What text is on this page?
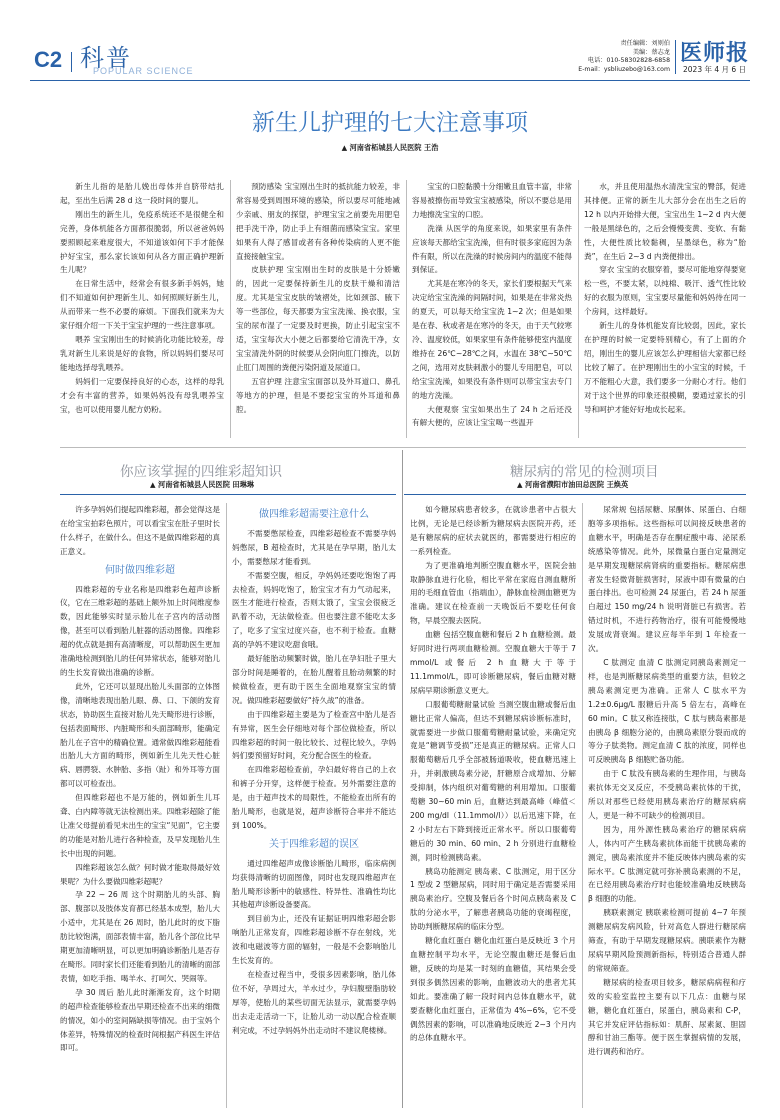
C2 科普
POPULAR SCIENCE
责任编辑：刘则伯
美编：蔡志龙
电话：010-58302828-6858
E-mail：ysbliuzebo@163.com
医师报
2023 年 4 月 6 日
新生儿护理的七大注意事项
▲ 河南省柘城县人民医院 王浩

新生儿指的是胎儿娩出母体并自脐带结扎起，至出生后满 28 d 这一段时间的婴儿。

刚出生的新生儿，免疫系统还不是很健全和完善，身体机能各方面都很脆弱，所以爸爸妈妈要照顾起来难度很大，不知道该如何下手才能保护好宝宝，那么家长该如何从各方面正确护理新生儿呢？

在日常生活中，经常会有很多新手妈妈，她们不知道如何护理新生儿、如何照顾好新生儿，从而带来一些不必要的麻烦。下面我们就来为大家仔细介绍一下关于宝宝护理的一些注意事项。

喂养 宝宝刚出生的时候消化功能比较差，母乳对新生儿来说是好的食物，所以妈妈们要尽可能地选择母乳喂养。

妈妈们一定要保持良好的心态，这样的母乳才会有丰富的营养，如果妈妈没有母乳喂养宝宝，也可以使用婴儿配方奶粉。

预防感染 宝宝刚出生时的抵抗能力较差，非常容易受到周围环境的感染，所以要尽可能地减少亲戚、朋友的探望，护理宝宝之前要先用肥皂把手洗干净，防止手上有细菌而感染宝宝。家里如果有人得了感冒或者有各种传染病的人更不能直接接触宝宝。

皮肤护理 宝宝刚出生时的皮肤是十分娇嫩的，因此一定要保持新生儿的皮肤干燥和清洁度。尤其是宝宝皮肤的皱褶处，比如颈部、腋下等一些部位，每天都要为宝宝洗澡、换衣服，宝宝的尿布湿了一定要及时更换，防止引起宝宝不适，宝宝每次大小便之后都要给它清洗干净，女宝宝清洗外阴的时候要从会阴向肛门擦洗，以防止肛门周围的粪便污染阴道及尿道口。

五官护理 注意宝宝面部以及外耳道口、鼻孔等地方的护理，但是不要挖宝宝的外耳道和鼻腔。

宝宝的口腔黏膜十分细嫩且血管丰富，非常容易被擦伤而导致宝宝被感染，所以不要总是用力地擦洗宝宝的口腔。

洗澡 从医学的角度来说，如果家里有条件应该每天都给宝宝洗澡，但有时很多家庭因为条件有限，所以在洗澡的时候房间内的温度不能得到保证。

尤其是在寒冷的冬天，家长们要根据天气来决定给宝宝洗澡的间隔时间，如果是在非常炎热的夏天，可以每天给宝宝洗 1~2 次；但是如果是在春、秋或者是在寒冷的冬天，由于天气较寒冷、温度较低，如果家里有条件能够使室内温度维持在 26℃~28℃之间，水温在 38℃~50℃之间，选用对皮肤刺激小的婴儿专用肥皂，可以给宝宝洗澡，如果没有条件则可以带宝宝去专门的地方洗澡。

大便观察 宝宝如果出生了 24 h 之后还没有解大便的，应该让宝宝喝一些温开

水，并且使用温热水清洗宝宝的臀部，促进其排便。正常的新生儿大部分会在出生之后的 12 h 以内开始排大便，宝宝出生 1~2 d 内大便一般是黑绿色的，之后会慢慢变黄、变软、有黏性，大便性质比较黏稠，呈墨绿色，称为“胎粪”，在生后 2~3 d 内粪便排出。

穿衣 宝宝的衣服穿着，要尽可能地穿得要宽松一些，不要太紧，以纯棉、吸汗、透气性比较好的衣服为原则，宝宝要尽量能和妈妈待在同一个房间，这样最好。

新生儿的身体机能发育比较弱，因此，家长在护理的时候一定要特别精心，有了上面的介绍，刚出生的婴儿应该怎么护理相信大家都已经比较了解了。在护理刚出生的小宝宝的时候，千万不能粗心大意，我们要多一分耐心才行。他们对于这个世界的印象还很模糊，要通过家长的引导和呵护才能好好地成长起来。

你应该掌握的四维彩超知识
▲ 河南省柘城县人民医院 田琳琳
糖尿病的常见的检测项目
▲ 河南省濮阳市油田总医院 王焕英

许多孕妈妈们提起四维彩超，都会觉得这是在给宝宝拍彩色照片，可以看宝宝在肚子里时长什么样子，在做什么。但这不是做四维彩超的真正意义。

何时做四维彩超

四维彩超的专业名称是四维彩色超声诊断仪，它在三维彩超的基础上额外加上时间维度参数，因此能够实时显示胎儿在子宫内的活动图像，甚至可以看到胎儿脏器的活动图像。四维彩超的优点就是拥有高清晰度，可以帮助医生更加准确地检测到胎儿的任何异常状态，能够对胎儿的生长发育做出准确的诊断。

此外，它还可以显现出胎儿头面部的立体图像，清晰地表现出胎儿眼、鼻、口、下颌的发育状态，协助医生直接对胎儿先天畸形进行诊断，包括表面畸形、内脏畸形和头面部畸形，能确定胎儿在子宫中的精确位置。通常做四维彩超能看出胎儿大方面的畸形，例如新生儿先天性心脏病、唇腭裂、水肿胎、多指（趾）和外耳等方面都可以可检查出。

但四维彩超也不是万能的，例如新生儿耳聋、白内障等就无法检测出来。四维彩超除了能让准父母提前看见未出生的宝宝“见面”，它主要的功能是对胎儿进行各种检查，及早发现胎儿生长中出现的问题。

四维彩超该怎么做？何时做才能取得最好效果呢？为什么要做四维彩超呢？

孕 22 ~ 26 周 这个时期胎儿的头部、胸部、腹部以及肢体发育都已经基本成型，胎儿大小适中，尤其是在 26 周时，胎儿此时的皮下脂肪比较饱满，面部表情丰富，胎儿各个部位比早期更加清晰明显，可以更加明确诊断胎儿是否存在畸形。同时家长们还能看到胎儿的清晰的面部表情，如吃手指、喝羊水、打呵欠、哭闹等。

孕 30 周后 胎儿此时渐渐发育，这个时期的超声检查能够检查出早期还检查不出来的细微的情况，如小的室间隔缺损等情况。由于宝妈个体差异，特殊情况的检查时间根据产科医生评估即可。

做四维彩超需要注意什么

不需要憋尿检查，四维彩超检查不需要孕妈妈憋尿，B 超检查时，尤其是在孕早期，胎儿太小，需要憋尿才能看到。

不需要空腹，相反，孕妈妈还要吃饱饱了再去检查，妈妈吃饱了，胎宝宝才有力气动起来，医生才能进行检查，否则太饿了，宝宝会很疲乏趴着不动，无法做检查。但也要注意不能吃太多了，吃多了宝宝过度兴奋，也不利于检查。血糖高的孕妈不建议吃甜食哦。

最好能胎动频繁时做，胎儿在孕妇肚子里大部分时间是睡着的，在胎儿醒着且胎动频繁的时候做检查，更有助于医生全面地观察宝宝的情况。做四维彩超要做好“持久战”的准备。

由于四维彩超主要是为了检查宫中胎儿是否有异常，医生会仔细地对每个部位做检查，所以四维彩超的时间一般比较长、过程比较久，孕妈妈们要预留好时间，充分配合医生的检查。

在四维彩超检查前，孕妇最好将自己的上衣和裤子分开穿，这样便于检查。另外需要注意的是，由于超声技术的局限性，不能检查出所有的胎儿畸形，也就是说，超声诊断符合率并不能达到 100%。

关于四维彩超的误区

通过四维超声成像诊断胎儿畸形，临床病例均获得清晰的切面图像，同时也发现四维超声在胎儿畸形诊断中的敏感性、特异性、准确性均比其他超声诊断设备要高。

到目前为止，还没有证据证明四维彩超会影响胎儿正常发育，四维彩超诊断不存在射线，光波和电磁波等方面的辐射，一般是不会影响胎儿生长发育的。

在检查过程当中，受很多因素影响，胎儿体位不好，孕周过大，羊水过少，孕妇腹壁脂肪较厚等，使胎儿的某些切面无法显示，就需要孕妈出去走走活动一下，让胎儿动一动以配合检查顺利完成，不过孕妈妈外出走动时不建议爬楼梯。

如今糖尿病患者较多，在就诊患者中占很大比例，无论是已经诊断为糖尿病去医院开药，还是有糖尿病的症状去就医的，都需要进行相应的一系列检查。

为了更准确地判断空腹血糖水平，医院会抽取静脉血进行化验，相比平常在家庭自测血糖所用的毛细血管血（指端血），静脉血检测血糖更为准确。建议在检查前一天晚饭后不要吃任何食物，早晨空腹去医院。

血糖 包括空腹血糖和餐后 2 h 血糖检测。最好同时进行两项血糖检测。空腹血糖大于等于 7 mmol/L 或餐后 2 h 血糖大于等于 11.1mmol/L，即可诊断糖尿病，餐后血糖对糖尿病早期诊断意义更大。

口服葡萄糖耐量试验 当测空腹血糖或餐后血糖比正常人偏高，但达不到糖尿病诊断标准时，就需要进一步做口服葡萄糖耐量试验，来确定究竟是“糖调节受损”还是真正的糖尿病。正常人口服葡萄糖后几乎全部被肠道吸收，使血糖迅速上升，并刺激胰岛素分泌，肝糖原合成增加、分解受抑制，体内组织对葡萄糖的利用增加。口服葡萄糖 30~60 min 后，血糖达到最高峰（峰值＜200 mg/dl（11.1mmol/l））以后迅速下降，在 2 小时左右下降到接近正常水平。所以口服葡萄糖后的 30 min、60 min、2 h 分别进行血糖检测，同时检测胰岛素。

胰岛功能测定 胰岛素、C 肽测定，用于区分 1 型或 2 型糖尿病，同时用于确定是否需要采用胰岛素治疗。空腹及餐后各个时间点胰岛素及 C 肽的分泌水平，了解患者胰岛功能的衰竭程度，协助判断糖尿病的临床分型。

糖化血红蛋白 糖化血红蛋白是反映近 3 个月血糖控制平均水平，无论空腹血糖还是餐后血糖，反映的均是某一时刻的血糖值，其结果会受到很多偶然因素的影响，血糖波动大的患者尤其如此。要准确了解一段时间内总体血糖水平，就要查糖化血红蛋白，正常值为 4%~6%，它不受偶然因素的影响，可以准确地反映近 2~3 个月内的总体血糖水平。

尿常规 包括尿糖、尿酮体、尿蛋白、白细胞等多项指标。这些指标可以间接反映患者的血糖水平，明确是否存在酮症酸中毒、泌尿系统感染等情况。此外，尿微量白蛋白定量测定是早期发现糖尿病肾病的重要指标。糖尿病患者发生轻微肾脏损害时，尿液中即有微量的白蛋白排出。也可检测 24 尿蛋白，若 24 h 尿蛋白超过 150 mg/24 h 说明肾脏已有损害。若错过时机，不进行药物治疗，很有可能慢慢地发展成肾衰竭。建议应每半年到 1 年检查一次。

C 肽测定 血清 C 肽测定同胰岛素测定一样，也是判断糖尿病类型的重要方法，但较之胰岛素测定更为准确。正常人 C 肽水平为 1.2±0.6μg/L 服糖后升高 5 倍左右，高峰在 60 min。C 肽又称连接肽，C 肽与胰岛素都是由胰岛 β 细胞分泌的，由胰岛素原分裂而成的等分子肽类物。测定血清 C 肽的浓度，同样也可反映胰岛 β 细胞贮备功能。

由于 C 肽没有胰岛素的生理作用，与胰岛素抗体无交叉反应，不受胰岛素抗体的干扰，所以对那些已经使用胰岛素治疗的糖尿病病人，更是一种不可缺少的检测项目。

因为，用外源性胰岛素治疗的糖尿病病人，体内可产生胰岛素抗体而能干扰胰岛素的测定，胰岛素浓度并不能反映体内胰岛素的实际水平。C 肽测定就可弥补胰岛素测的不足，在已经用胰岛素治疗时也能较准确地反映胰岛 β 细胞的功能。

胰联素测定 胰联素检测可提前 4~7 年预测糖尿病发病风险，针对高危人群进行糖尿病筛查，有助于早期发现糖尿病。胰联素作为糖尿病早期风险预测新指标，特别适合普通人群的常规筛查。

糖尿病的检查项目较多，糖尿病病程和疗效的实验室监控主要有以下几点：血糖与尿糖，糖化血红蛋白，尿蛋白，胰岛素和 C-P，其它并发症评估指标如：肌酐、尿素氮、胆固醇和甘油三酯等。便于医生掌握病情的发展，进行调药和治疗。
